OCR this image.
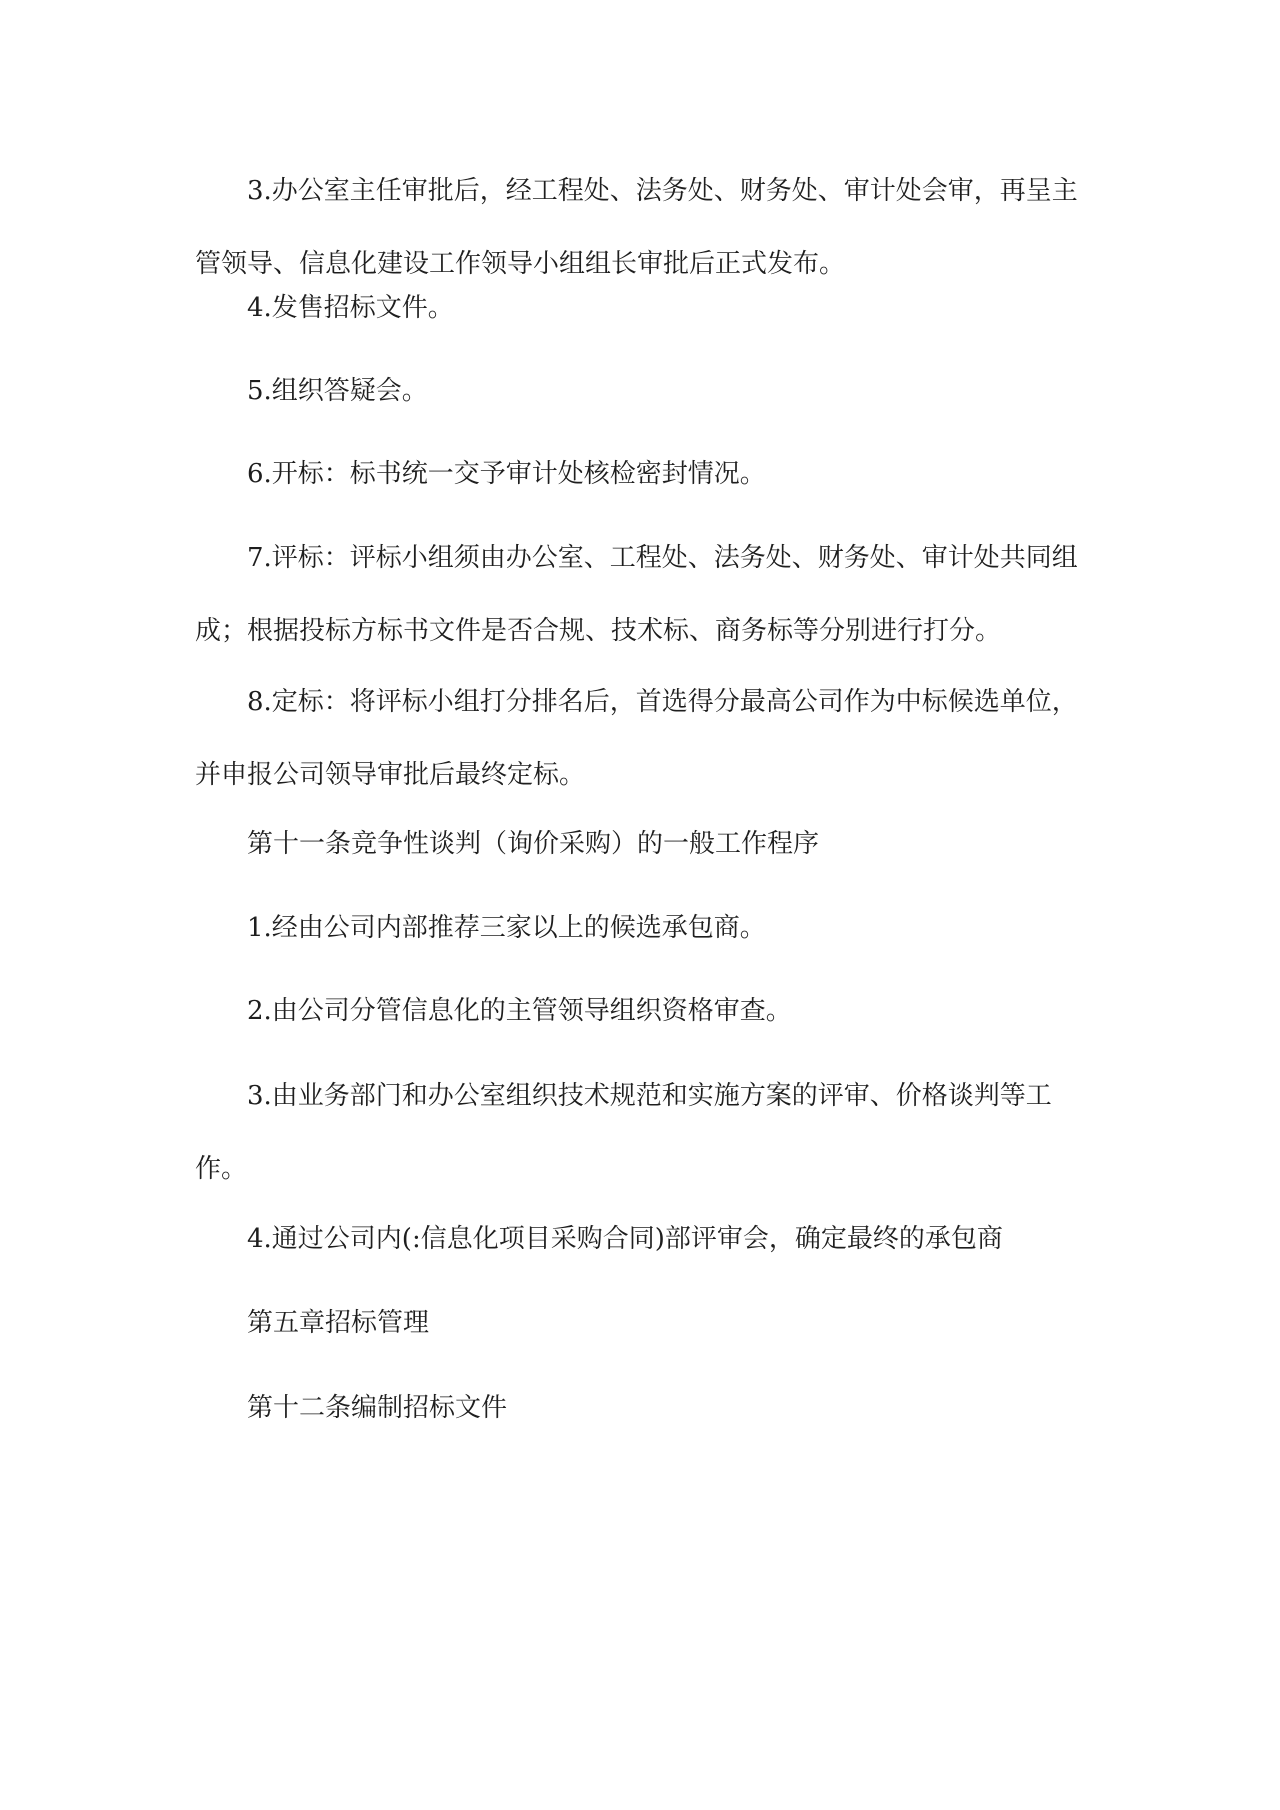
3.办公室主任审批后，经工程处、法务处、财务处、审计处会审，再呈主管领导、信息化建设工作领导小组组长审批后正式发布。

4.发售招标文件。

5.组织答疑会。

6.开标：标书统一交予审计处核检密封情况。

7.评标：评标小组须由办公室、工程处、法务处、财务处、审计处共同组成；根据投标方标书文件是否合规、技术标、商务标等分别进行打分。

8.定标：将评标小组打分排名后，首选得分最高公司作为中标候选单位，并申报公司领导审批后最终定标。

第十一条竞争性谈判（询价采购）的一般工作程序

1.经由公司内部推荐三家以上的候选承包商。

2.由公司分管信息化的主管领导组织资格审查。

3.由业务部门和办公室组织技术规范和实施方案的评审、价格谈判等工作。

4.通过公司内(:信息化项目采购合同)部评审会，确定最终的承包商

第五章招标管理

第十二条编制招标文件
